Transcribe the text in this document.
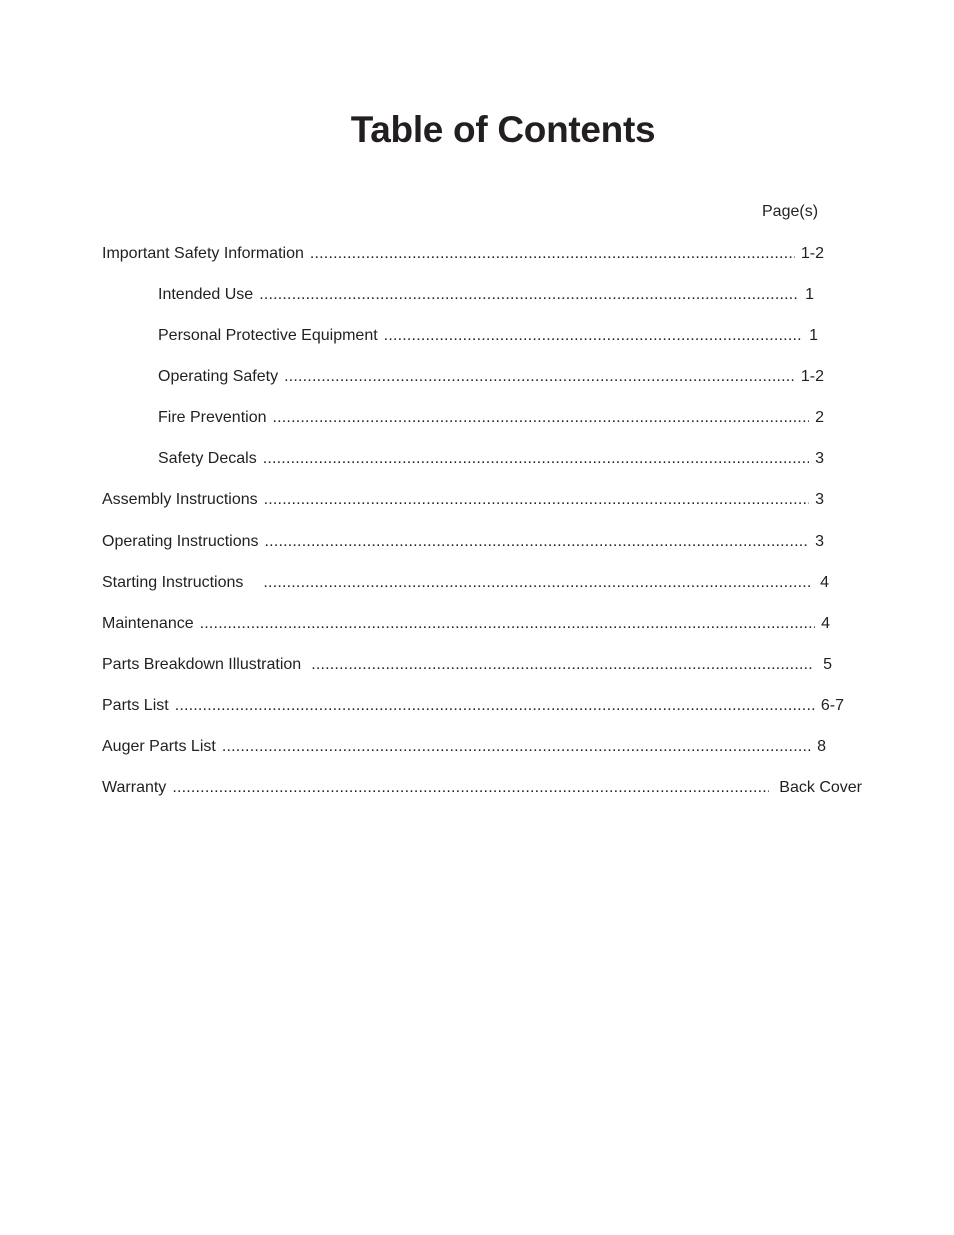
Table of Contents
Page(s)
Important Safety Information .....	1-2
Intended Use .....	1
Personal Protective Equipment .....	1
Operating Safety .....	1-2
Fire Prevention .....	2
Safety Decals .....	3
Assembly Instructions .....	3
Operating Instructions .....	3
Starting Instructions .....	4
Maintenance .....	4
Parts Breakdown Illustration .....	5
Parts List .....	6-7
Auger Parts List .....	8
Warranty .....	Back Cover
